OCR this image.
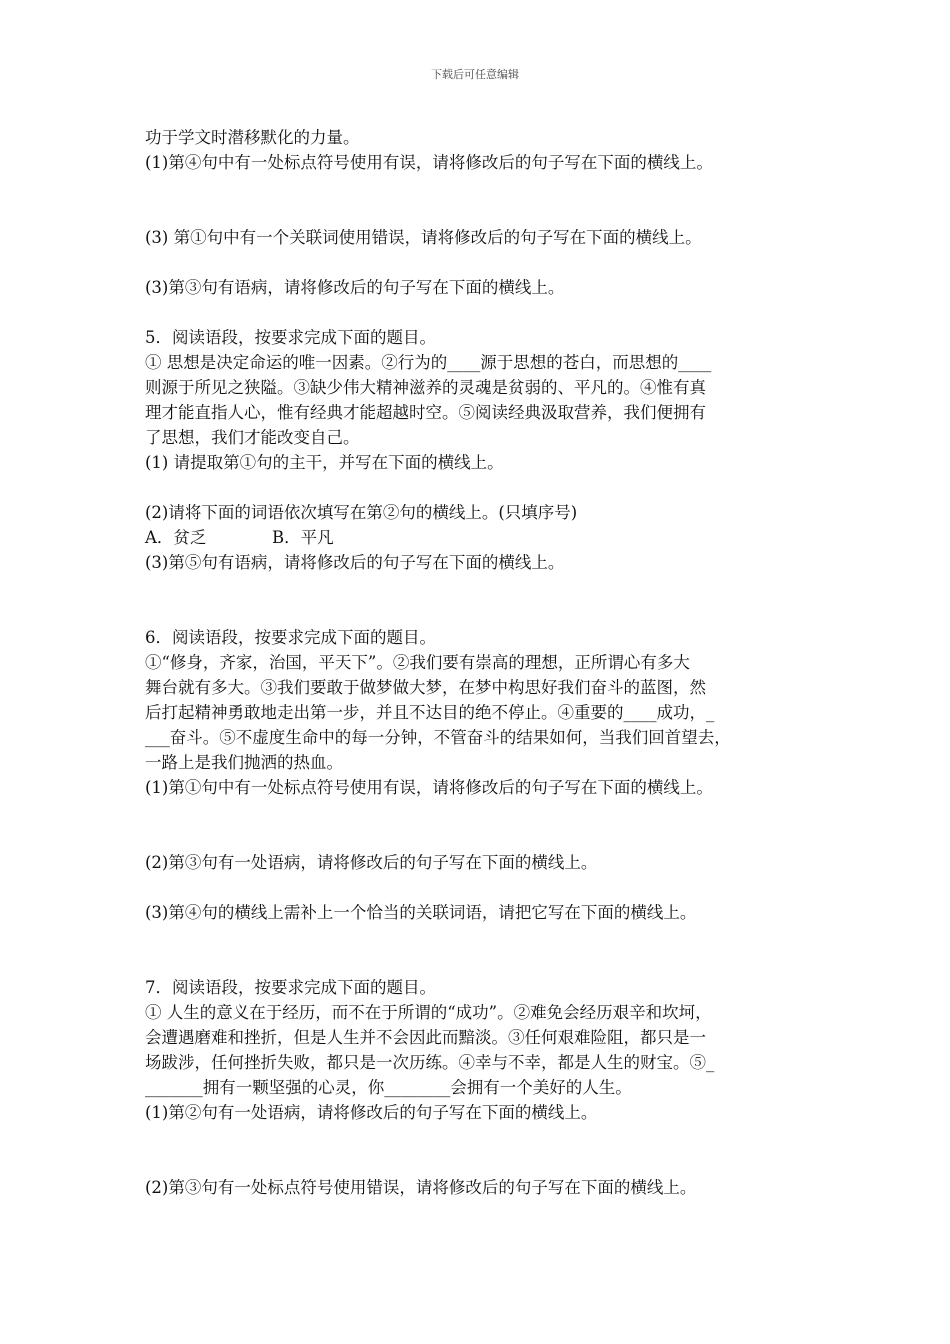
下载后可任意编辑
功于学文时潜移默化的力量。
(1)第④句中有一处标点符号使用有误，请将修改后的句子写在下面的横线上。
(3) 第①句中有一个关联词使用错误，请将修改后的句子写在下面的横线上。
(3)第③句有语病，请将修改后的句子写在下面的横线上。
5．阅读语段，按要求完成下面的题目。
① 思想是决定命运的唯一因素。②行为的____源于思想的苍白，而思想的____
则源于所见之狭隘。③缺少伟大精神滋养的灵魂是贫弱的、平凡的。④惟有真
理才能直指人心，惟有经典才能超越时空。⑤阅读经典汲取营养，我们便拥有
了思想，我们才能改变自己。
(1) 请提取第①句的主干，并写在下面的横线上。
(2)请将下面的词语依次填写在第②句的横线上。(只填序号)
A．贫乏	B．平凡
(3)第⑤句有语病，请将修改后的句子写在下面的横线上。
6．阅读语段，按要求完成下面的题目。
①“修身，齐家，治国，平天下”。②我们要有崇高的理想，正所谓心有多大
舞台就有多大。③我们要敢于做梦做大梦，在梦中构思好我们奋斗的蓝图，然
后打起精神勇敢地走出第一步，并且不达目的绝不停止。④重要的____成功，_
___奋斗。⑤不虚度生命中的每一分钟，不管奋斗的结果如何，当我们回首望去，
一路上是我们抛洒的热血。
(1)第①句中有一处标点符号使用有误，请将修改后的句子写在下面的横线上。
(2)第③句有一处语病，请将修改后的句子写在下面的横线上。
(3)第④句的横线上需补上一个恰当的关联词语，请把它写在下面的横线上。
7．阅读语段，按要求完成下面的题目。
① 人生的意义在于经历，而不在于所谓的“成功”。②难免会经历艰辛和坎坷，
会遭遇磨难和挫折，但是人生并不会因此而黯淡。③任何艰难险阻，都只是一
场跋涉，任何挫折失败，都只是一次历练。④幸与不幸，都是人生的财宝。⑤_
_______拥有一颗坚强的心灵，你________会拥有一个美好的人生。
(1)第②句有一处语病，请将修改后的句子写在下面的横线上。
(2)第③句有一处标点符号使用错误，请将修改后的句子写在下面的横线上。
